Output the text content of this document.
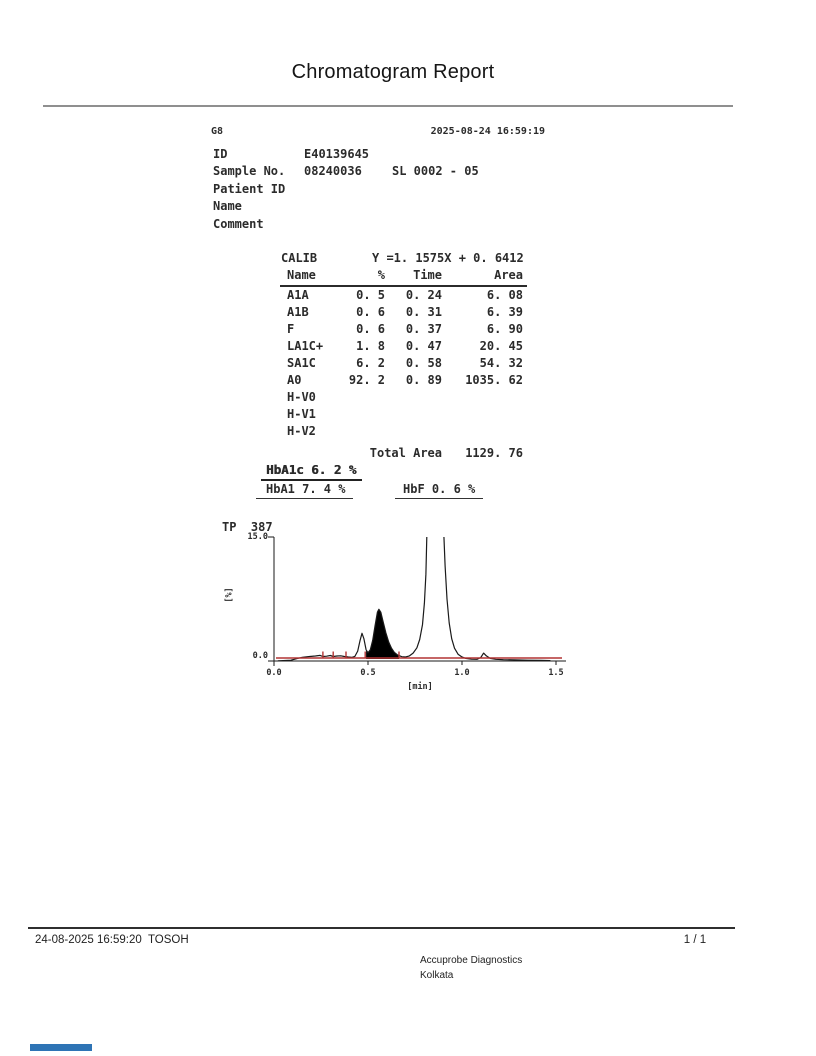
Chromatogram Report
G8	2025-08-24 16:59:19
ID	E40139645
Sample No. 08240036	SL 0002 - 05
Patient ID
Name
Comment
CALIB	Y =1. 1575X + 0. 6412
Name	%	Time	Area
A1A	0. 5	0. 24	6. 08
A1B	0. 6	0. 31	6. 39
F	0. 6	0. 37	6. 90
LA1C+	1. 8	0. 47	20. 45
SA1C	6. 2	0. 58	54. 32
A0	92. 2	0. 89	1035. 62
H-V0			
H-V1			
H-V2			
Total Area			1129. 76
HbA1c 6. 2 %
HbA1 7. 4 %	HbF 0. 6 %
TP  387
15.0
0.0
[%]
0.0	0.5	1.0	1.5
[min]
24-08-2025 16:59:20  TOSOH	1 / 1
Accuprobe Diagnostics
Kolkata
